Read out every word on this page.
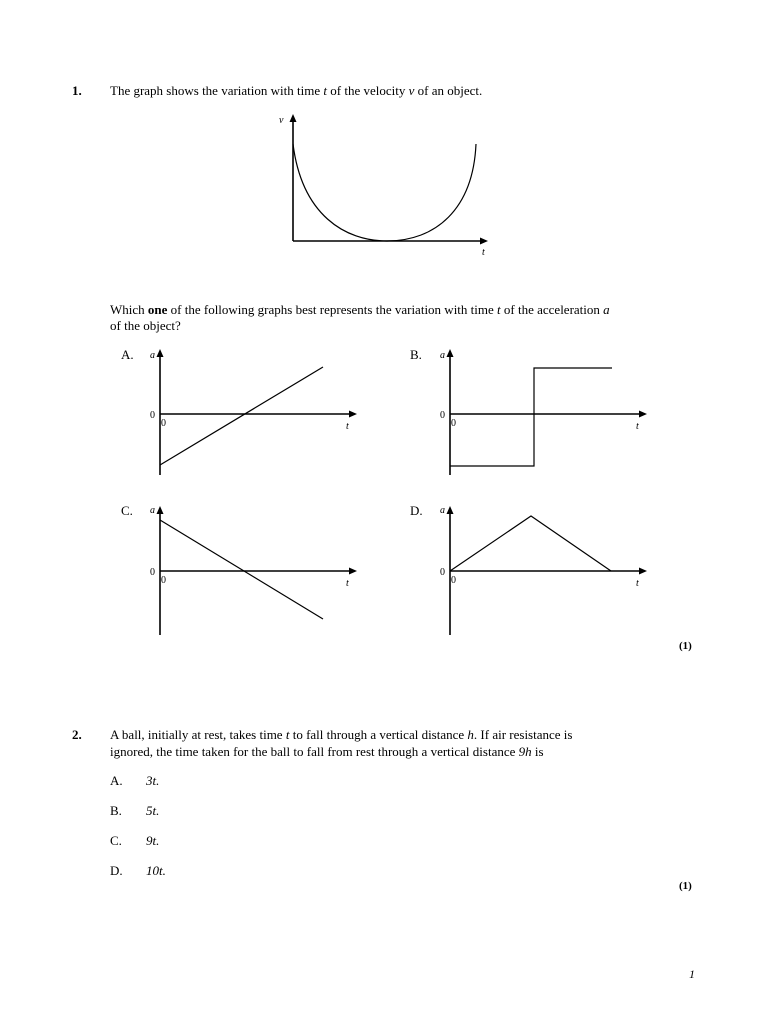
1. The graph shows the variation with time t of the velocity v of an object.
v
t
Which one of the following graphs best represents the variation with time t of the acceleration a
of the object?
A. a
0
0	t
B. a
0
0	t
C. a
0
0	t
D. a
0
0	t
(1)
2. A ball, initially at rest, takes time t to fall through a vertical distance h. If air resistance is
ignored, the time taken for the ball to fall from rest through a vertical distance 9h is
A. 3t.
B. 5t.
C. 9t.
D. 10t.
(1)
1
